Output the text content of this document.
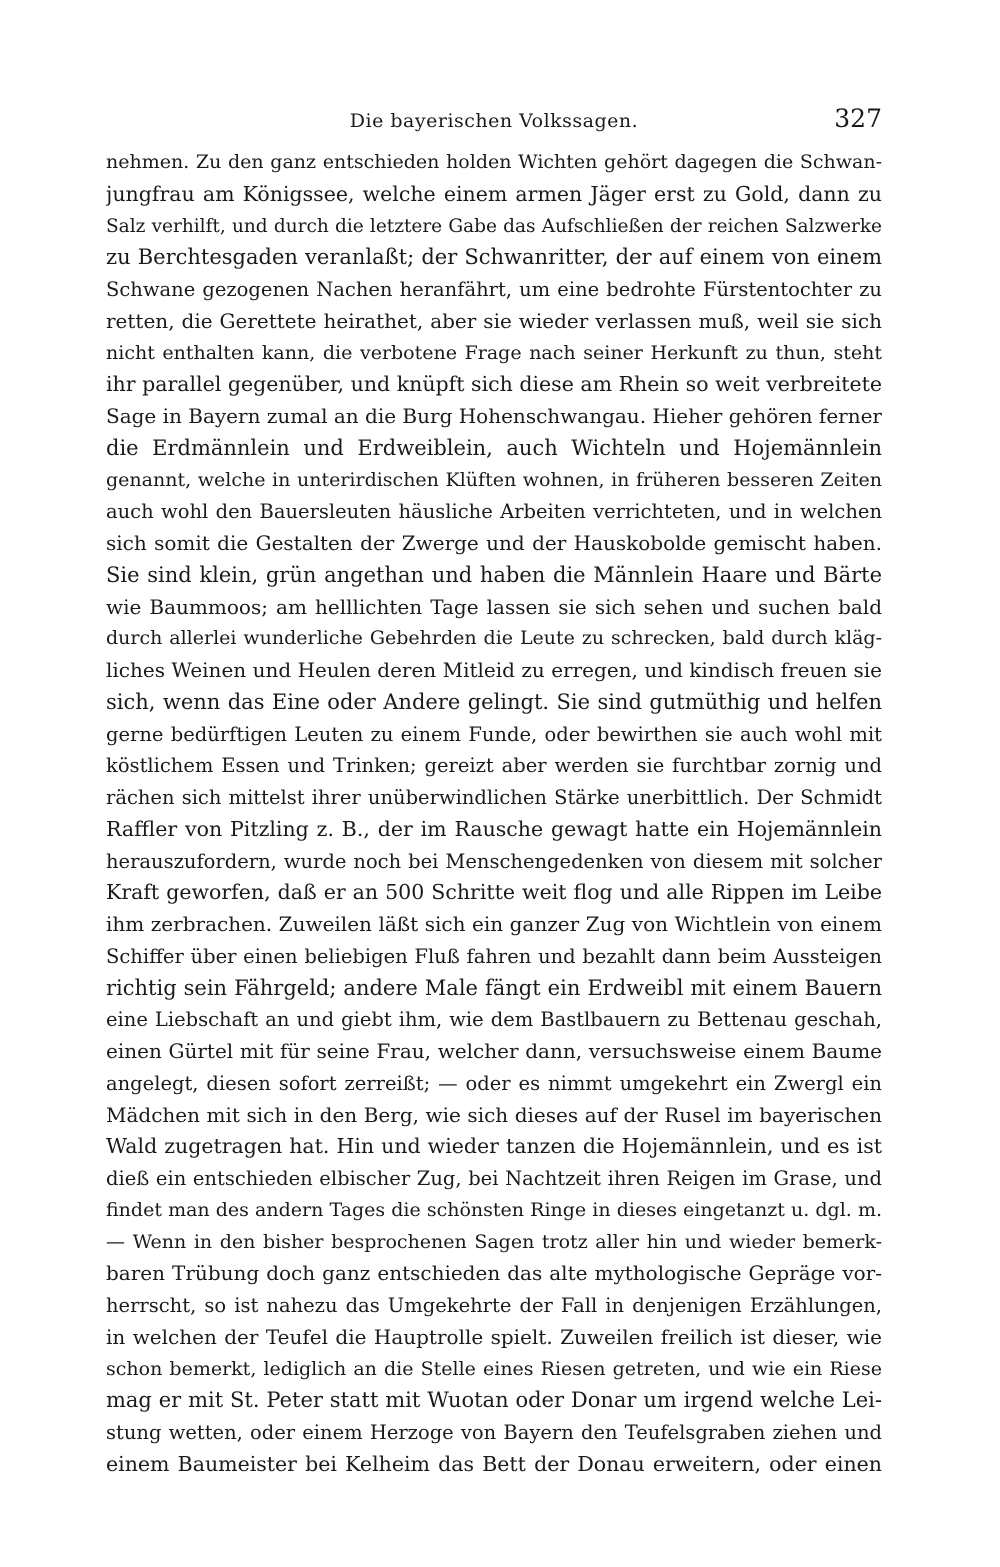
Die bayerischen Volkssagen.	327
nehmen. Zu den ganz entschieden holden Wichten gehört dagegen die Schwan-
jungfrau am Königssee, welche einem armen Jäger erst zu Gold, dann zu
Salz verhilft, und durch die letztere Gabe das Aufschließen der reichen Salzwerke
zu Berchtesgaden veranlaßt; der Schwanritter, der auf einem von einem
Schwane gezogenen Nachen heranfährt, um eine bedrohte Fürstentochter zu
retten, die Gerettete heirathet, aber sie wieder verlassen muß, weil sie sich
nicht enthalten kann, die verbotene Frage nach seiner Herkunft zu thun, steht
ihr parallel gegenüber, und knüpft sich diese am Rhein so weit verbreitete
Sage in Bayern zumal an die Burg Hohenschwangau. Hieher gehören ferner
die Erdmännlein und Erdweiblein, auch Wichteln und Hojemännlein
genannt, welche in unterirdischen Klüften wohnen, in früheren besseren Zeiten
auch wohl den Bauersleuten häusliche Arbeiten verrichteten, und in welchen
sich somit die Gestalten der Zwerge und der Hauskobolde gemischt haben.
Sie sind klein, grün angethan und haben die Männlein Haare und Bärte
wie Baummoos; am helllichten Tage lassen sie sich sehen und suchen bald
durch allerlei wunderliche Gebehrden die Leute zu schrecken, bald durch kläg-
liches Weinen und Heulen deren Mitleid zu erregen, und kindisch freuen sie
sich, wenn das Eine oder Andere gelingt. Sie sind gutmüthig und helfen
gerne bedürftigen Leuten zu einem Funde, oder bewirthen sie auch wohl mit
köstlichem Essen und Trinken; gereizt aber werden sie furchtbar zornig und
rächen sich mittelst ihrer unüberwindlichen Stärke unerbittlich. Der Schmidt
Raffler von Pitzling z. B., der im Rausche gewagt hatte ein Hojemännlein
herauszufordern, wurde noch bei Menschengedenken von diesem mit solcher
Kraft geworfen, daß er an 500 Schritte weit flog und alle Rippen im Leibe
ihm zerbrachen. Zuweilen läßt sich ein ganzer Zug von Wichtlein von einem
Schiffer über einen beliebigen Fluß fahren und bezahlt dann beim Aussteigen
richtig sein Fährgeld; andere Male fängt ein Erdweibl mit einem Bauern
eine Liebschaft an und giebt ihm, wie dem Bastlbauern zu Bettenau geschah,
einen Gürtel mit für seine Frau, welcher dann, versuchsweise einem Baume
angelegt, diesen sofort zerreißt; — oder es nimmt umgekehrt ein Zwergl ein
Mädchen mit sich in den Berg, wie sich dieses auf der Rusel im bayerischen
Wald zugetragen hat. Hin und wieder tanzen die Hojemännlein, und es ist
dieß ein entschieden elbischer Zug, bei Nachtzeit ihren Reigen im Grase, und
findet man des andern Tages die schönsten Ringe in dieses eingetanzt u. dgl. m.
— Wenn in den bisher besprochenen Sagen trotz aller hin und wieder bemerk-
baren Trübung doch ganz entschieden das alte mythologische Gepräge vor-
herrscht, so ist nahezu das Umgekehrte der Fall in denjenigen Erzählungen,
in welchen der Teufel die Hauptrolle spielt. Zuweilen freilich ist dieser, wie
schon bemerkt, lediglich an die Stelle eines Riesen getreten, und wie ein Riese
mag er mit St. Peter statt mit Wuotan oder Donar um irgend welche Lei-
stung wetten, oder einem Herzoge von Bayern den Teufelsgraben ziehen und
einem Baumeister bei Kelheim das Bett der Donau erweitern, oder einen
